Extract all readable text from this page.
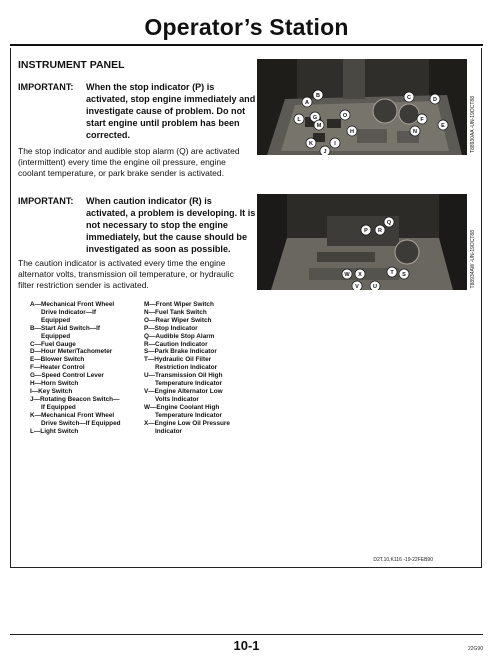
Operator’s Station
INSTRUMENT PANEL
IMPORTANT: When the stop indicator (P) is activated, stop engine immediately and investigate cause of problem. Do not start engine until problem has been corrected.
The stop indicator and audible stop alarm (Q) are activated (intermittent) every time the engine oil pressure, engine coolant temperature, or park brake sender is activated.
IMPORTANT: When caution indicator (R) is activated, a problem is developing. It is not necessary to stop the engine immediately, but the cause should be investigated as soon as possible.
The caution indicator is activated every time the engine alternator volts, transmission oil temperature, or hydraulic filter restriction sender is activated.
A—Mechanical Front Wheel Drive Indicator—If Equipped
B—Start Aid Switch—If Equipped
C—Fuel Gauge
D—Hour Meter/Tachometer
E—Blower Switch
F—Heater Control
G—Speed Control Lever
H—Horn Switch
I—Key Switch
J—Rotating Beacon Switch—If Equipped
K—Mechanical Front Wheel Drive Switch—If Equipped
L—Light Switch
M—Front Wiper Switch
N—Fuel Tank Switch
O—Rear Wiper Switch
P—Stop Indicator
Q—Audible Stop Alarm
R—Caution Indicator
S—Park Brake Indicator
T—Hydraulic Oil Filter Restriction Indicator
U—Transmission Oil High Temperature Indicator
V—Engine Alternator Low Volts Indicator
W—Engine Coolant High Temperature Indicator
X—Engine Low Oil Pressure Indicator
A
B	C	D
E
F
G
H
I
J
K
L
M
N
O	T88930AA -UN-19OCT88
P
Q
R
S
T
U
V
W X	T88934AW -UN-19OCT88
D2T,10,K116 -19-22FEB90
10-1	22G90
